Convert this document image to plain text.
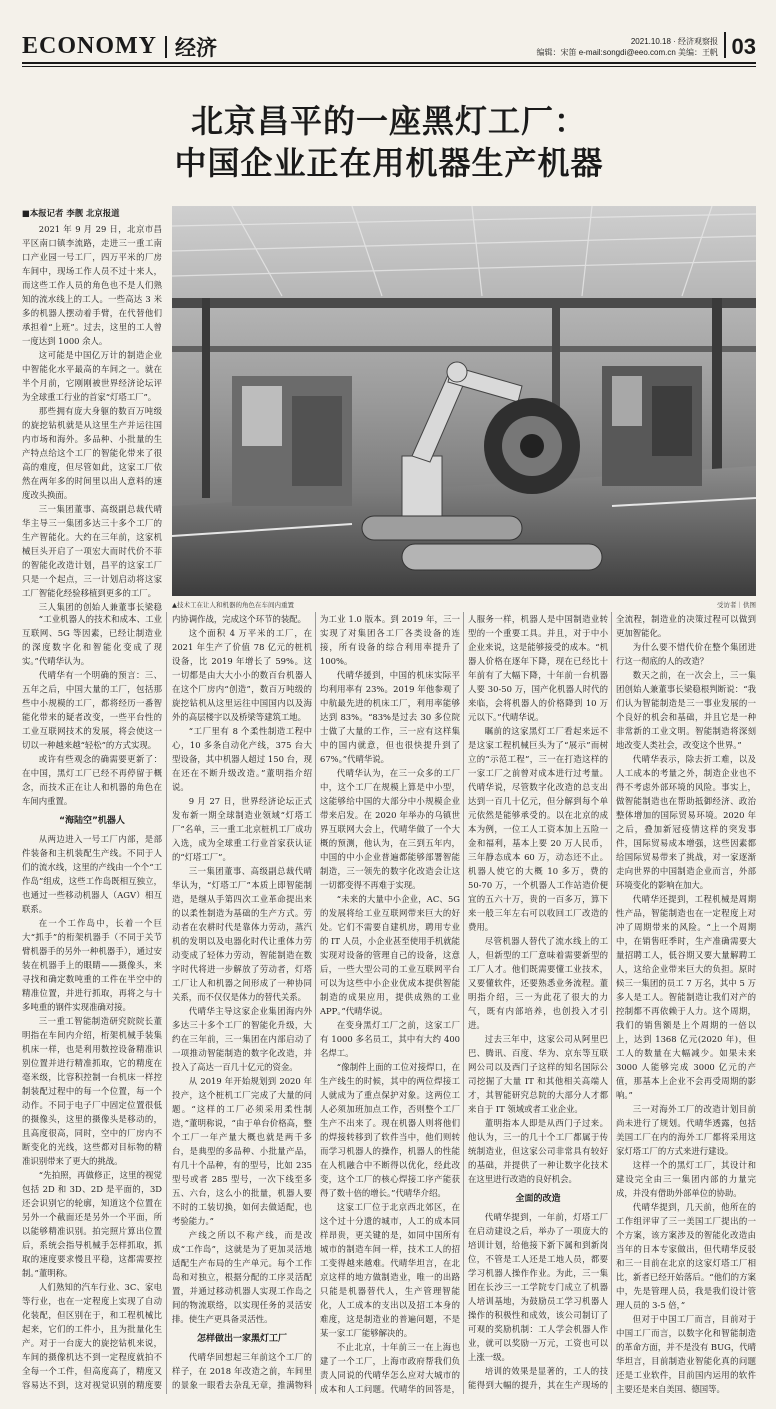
ECONOMY 经济	2021.10.18 · 经济观察报
编辑：宋笛 e-mail:songdi@eeo.com.cn 美编：王帆 03
北京昌平的一座黑灯工厂：
中国企业正在用机器生产机器
■本报记者 李靓 北京报道

2021 年 9 月 29 日，北京市昌平区南口镇李流路，走进三一重工南口产业园一号工厂，四万平米的厂房车间中，现场工作人员不过十来人，而这些工作人员的角色也不是人们熟知的流水线上的工人。一些高达 3 米多的机器人摆动着手臂，在代替他们承担着“上班”。过去，这里的工人曾一度达到 1000 余人。

这可能是中国亿万计的制造企业中智能化水平最高的车间之一。就在半个月前，它刚刚被世界经济论坛评为全球重工行业的首家“灯塔工厂”。

那些拥有庞大身躯的数百万吨级的旋挖钻机就是从这里生产并运往国内市场和海外。多品种、小批量的生产特点给这个工厂的智能化带来了很高的难度，但尽管如此，这家工厂依然在两年多的时间里以出人意料的速度改头换面。

三一集团董事、高级副总裁代晴华主导三一集团多达三十多个工厂的生产智能化。大约在三年前，这家机械巨头开启了一项宏大而时代价不菲的智能化改造计划，昌平的这家工厂只是一个起点，三一计划启动将这家工厂智能化经验移植到更多的工厂。

三人集团的创始人兼董事长梁稳 ▲技术工在让人和机器的角色在车间内重置	受访者｜供图

“工业机器人的技术和成本、工业互联网、5G 等因素，已经让制造业的深度数字化和智能化变成了现实。”代晴华认为。

代晴华有一个明确的预言：三、五年之后，中国大量的工厂，包括那些中小规模的工厂，都将经历一番智能化带来的疑者改变，一些平台性的工业互联网技术的发展，将会使这一切以一种越来越“轻松”的方式实现。

或许有些观念的确需要更新了：在中国，黑灯工厂已经不再停留于概念，而技术正在让人和机器的角色在车间内重置。

“海陆空”机器人

从两边进入一号工厂内部，是部件装备和主机装配生产线。不同于人们的流水线，这里的产线由一个个“工作岛”组成，这些工作岛既相互独立，也通过一些移动机器人（AGV）相互联系。

在一个工作岛中，长着一个巨大“抓手”的桁架机器手（不同于关节臂机器手的另外一种机器手），通过安装在机器手上的眼睛——摄像头，来寻找和确定数吨重的工件在半空中的精准位置，并进行抓取，再将之与十多吨重的钢件实现准确对接。

三一重工智能制造研究院院长董明指在车间内介绍，桁架机械手装集机床一样，也是利用数控设备精准识别位置并进行精准抓取，它的精度在毫米级，比容积控制一台机床一样控制装配过程中的每一个位置，每一个动作。不同于电子厂中固定位置很低的摄像头，这里的摄像头是移动的，且高度很高，同时，空中的厂房内不断变化的光线，这些都对目标物的精准识别带来了更大的挑战。

“先拍照，再做修正，这里的视觉包括 2D 和 3D、2D 是平面的，3D 还会识别它的轮廓，知道这个位置在另外一个截面还是另外一个平面，所以能够精准识别。拍完照片算出位置后，系统会指导机械手怎样抓取，抓取的速度要求慢且平稳，这都需要控制。”董明称。

人们熟知的汽车行业、3C、家电等行业，也在一定程度上实现了自动化装配，但区别在于，和工程机械比起来，它们的工件小，且为批量化生产。对于一台庞大的旋挖钻机来说，车间的摄像机达不到一定程度就拍不全每一个工件，但高度高了，精度又容易达不到，这对视觉识别的精度要

内协调作战，完成这个环节的装配。

这个面积 4 万平米的工厂，在 2021 年生产了价值 78 亿元的桩机设备，比 2019 年增长了 59%。这一切都是由大大小小的数百台机器人在这个厂房内“创造”，数百万吨级的旋挖钻机从这里运往中国国内以及海外的高层楼宇以及桥梁等建筑工地。

“工厂里有 8 个柔性制造工程中心，10 多条自动化产线，375 台大型设备，其中机器人超过 150 台，现在还在不断升级改造。”董明指介绍说。

9 月 27 日，世界经济论坛正式发布新一期全球制造业领域“灯塔工厂”名单，三一重工北京桩机工厂成功入选，成为全球重工行业首家获认证的“灯塔工厂”。

三一集团董事、高级副总裁代晴华认为，“灯塔工厂”本质上即智能制造，是继从手第四次工业革命提出来的以柔性制造为基础的生产方式。劳动者在农耕时代是靠体力劳动，蒸汽机的发明以及电器化时代让重体力劳动变成了轻体力劳动，智能制造在数字时代将进一步解放了劳动者，灯塔工厂让人和机器之间形成了一种协同关系，而不仅仅是体力的替代关系。

代晴华主导这家企业集团海内外多达三十多个工厂的智能化升级，大约在三年前，三一集团在内部启动了一项推动智能制造的数字化改造，并投入了高达一百几十亿元的资金。

从 2019 年开始规划到 2020 年投产，这个桩机工厂完成了大量的问题。“这样的工厂必须采用柔性制造，”董明称说，“由于单台价格高，整个工厂一年产量大概也就是两千多台，是典型的多品种、小批量产品，有几十个品种，有的型号，比如 235 型号或者 285 型号，一次下线至多五、六台，这么小的批量，机器人要不时的工装切换，如何去做适配，也考验能力。”

产线之所以不称产线，而是改成“工作岛”，这就是为了更加灵活地适配生产布局的生产单元。每个工作岛和对独立，根据分配的工序灵活配置，并通过移动机器人实现工作岛之间的物流联络，以实现任务的灵活安排。使生产更具备灵活性。

怎样做出一家黑灯工厂

代晴华回想起三年前这个工厂的样子，在 2018 年改造之前，车间里的景象一眼看去杂乱无章，推满物料

为工业 1.0 版本。到 2019 年，三一实现了对集团各工厂各类设备的连接，所有设备的综合利用率提升了 100%。

代晴华援到，中国的机床实际平均利用率有 23%。2019 年他参观了中航最先进的机床工厂，利用率能够达到 83%。“83%是过去 30 多位院士做了大量的工作，三一应有这样集中的国内就意，但也很快提升到了 67%。”代晴华说。

代晴华认为，在三一众多的工厂中，这个工厂在规模上算是中小型，这能够给中国的大部分中小规模企业带来启发。在 2020 年举办的乌镇世界互联网大会上，代晴华做了一个大概的预测，他认为，在三到五年内，中国的中小企业普遍都能够部署智能制造，三一领先的数字化改造会让这一切都变得不再难于实现。

“未来的大量中小企业，AC、5G 的发展将给工业互联网带来巨大的好处。它们不需要自建机房，聘用专业的 IT 人员，小企业甚至使用手机就能实现对设备的管理自己的设备，这意后，一些大型公司的工业互联网平台可以为这些中小企业优成本提供智能制造的成果应用，提供成熟的工业 APP。”代晴华说。

在变身黑灯工厂之前，这家工厂有 1000 多名员工，其中有大约 400 名焊工。

“像制件上面的工位对接焊口，在生产线生的时候，其中的两位焊接工人就成为了重点保护对象。这两位工人必须加班加点工作，否则整个工厂生产不出来了。现在机器人则将他们的焊接转移到了软件当中，他们则转而学习机器人的操作，机器人的性能在人机融合中不断得以优化，经此改变，这个工厂的核心焊接工序产能获得了数十倍的增长。”代晴华介绍。

这家工厂位于北京西北郊区，在这个过十分遗的城市，人工的成本同样昂贵，更关键的是，如同中国所有城市的制造车间一样，技术工人的招工变得越来越难。代晴华坦言，在北京这样的地方做制造业，唯一的出路只能是机器替代人，生产管理智能化，人工成本的支出以及招工本身的难度，这是制造业的普遍问题，不是某一家工厂能够解决的。

不止北京，十年前三一在上海也建了一个工厂，上海市政府帮我们负责人同说的代晴华怎么应对大城市的成本和人工问题。代晴华的回答是，

人服务一样，机器人是中国制造业转型的一个重要工具。并且，对于中小企业来说，这是能够接受的成本。“机器人价格在逐年下降，现在已经比十年前有了大幅下降，十年前一台机器人要 30-50 万，国产化机器人时代的来临，会将机器人的价格降到 10 万元以下。”代晴华说。

瞩前的这家黑灯工厂看起来远不是这家工程机械巨头为了“展示”而树立的“示范工程”，三一在打造这样的一家工厂之前曾对成本进行过考量。代晴华说，尽管数字化改造的总支出达到一百几十亿元，但分解到每个单元依然是能够承受的。以在北京的成本为例，一位工人工资本加上五险一金和福利，基本上要 20 万人民币，三年静态成本 60 万，动态还不止。机器人使它的大概 10 多万，费的 50-70 万，一个机器人工作站造价便宜的五六十万，贵的一百多万，算下来一般三年左右可以收回工厂改造的费用。

尽管机器人替代了流水线上的工人，但新型的工厂意味着需要新型的工厂人才。他们既需要懂工业技术，又要懂软件，还要熟悉业务流程。董明指介绍，三一为此花了很大的力气，既有内部培养，也创投入才引进。

过去三年中，这家公司从阿里巴巴、腾讯、百度、华为、京东等互联网公司以及西门子这样的知名国际公司挖掘了大量 IT 和其他相关高端人才，其智能研究总院的大部分人才都来自于 IT 领域或者工业企业。

董明指本人即是从西门子过来。他认为，三一的几十个工厂都属于传统制造业，但这家公司非常具有较好的基础，并提供了一种让数字化技术在这里进行改造的良好机会。

全面的改造

代晴华提到，一年前，灯塔工厂在启动建设之后，举办了一项庞大的培训计划，给他接下新下属和到新岗位，不管是工人还是工地人员，都要学习机器人操作作业。为此，三一集团在长沙三一工学院专门成立了机器人培训基地，为鼓励员工学习机器人操作的积极性和成效，该公司制订了可观的奖励机制：工人学会机器人作业，就可以奖励一万元，工资也可以上涨一级。

培训的效果是显著的，工人的技能得到大幅的提升，其在生产现场的

全流程，制造业的决策过程可以做到更加智能化。

为什么要不惜代价在整个集团进行这一彻底的人的改造？

数天之前，在一次会上，三一集团创始人兼董事长梁稳根判断说：“我们认为智能制造是三一事业发展的一个良好的机会和基础，并且它是一种非常新的工业文明。智能制造将深刻地改变人类社会，改变这个世界。”

代晴华表示，除去折工难，以及人工成本的考量之外，制造企业也不得不考虑外部环境的风险。事实上，做智能制造也在帮助抵御经济、政治整体增加的国际贸易环境。2020 年之后，叠加新冠疫情这样的突发事件，国际贸易成本增强，这些因素都给国际贸易带来了挑战，对一家逐渐走向世界的中国制造企业而言，外部环境变化的影响在加大。

代晴华还提到，工程机械是周期性产品，智能制造也在一定程度上对冲了周期带来的风险。“上一个周期中，在销售旺季时，生产准确需要大量招聘工人，低谷期又要大量解聘工人，这给企业带来巨大的负担。原时候三一集团的员工 7 万名，其中 5 万多人是工人。智能制造让我们对产的控制都不再依赖于人力。这个周期，我们的销售额是上个周期的一倍以上，达到 1368 亿元(2020 年)，但工人的数量在大幅减少。如果未来 3000 人能够完成 3000 亿元的产值，那基本上企业不会再受周期的影响。”

三一对海外工厂的改造计划目前尚未进行了规划。代晴华透露，包括美国工厂在内的海外工厂都将采用这家灯塔工厂的方式来进行建设。

这样一个的黑灯工厂，其设计和建设完全由三一集团内部的力量完成，并没有借助外部单位的协助。

代晴华提到，几天前，他所在的工作组评审了三一美国工厂提出的一个方案，该方案涉及的智能化改造由当年的日本专家做出，但代晴华反驳和三一目前在北京的这家灯塔工厂相比，新者已经开始落后。“他们的方案中，先是管理人员，我是我们设计管理人员的 3-5 倍，”

但对于中国工厂而言，目前对于中国工厂而言，以数字化和智能制造的革命方面，并不是没有 BUG，代晴华坦言，目前制造业智能化真的问题还是工业软件，目前国内运用的软件主要还是来自美国、德国等。
